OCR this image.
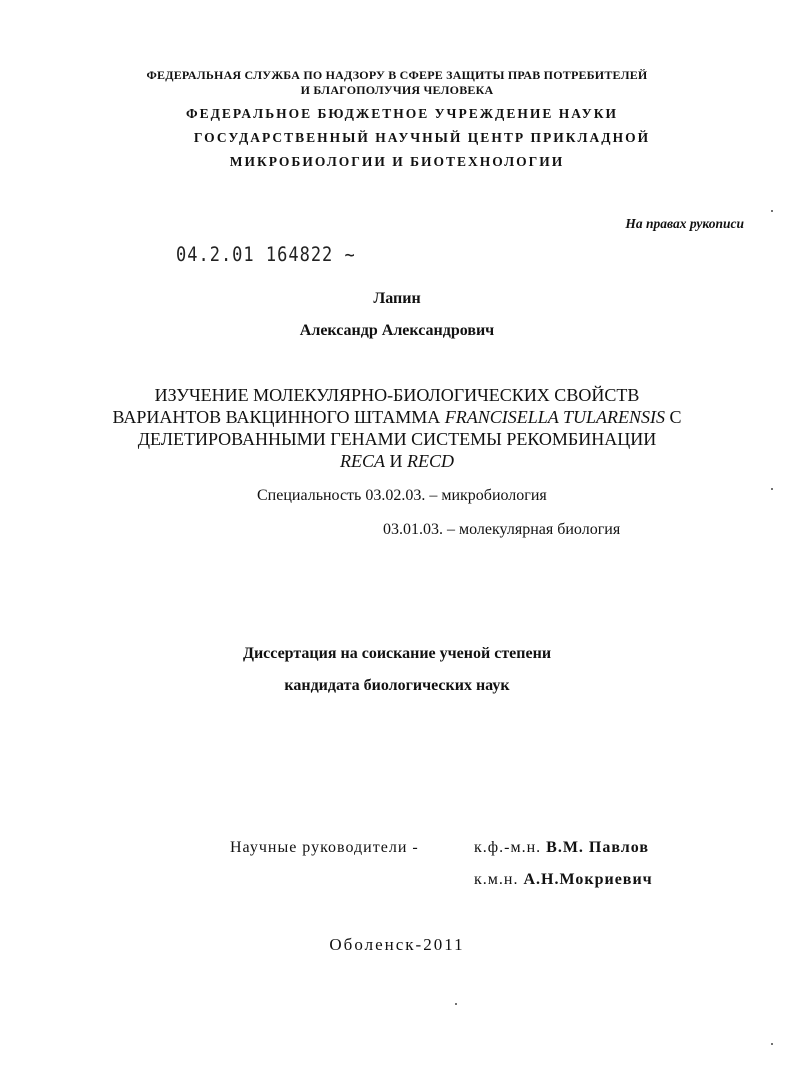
ФЕДЕРАЛЬНАЯ СЛУЖБА ПО НАДЗОРУ В СФЕРЕ ЗАЩИТЫ ПРАВ ПОТРЕБИТЕЛЕЙ
И БЛАГОПОЛУЧИЯ ЧЕЛОВЕКА
ФЕДЕРАЛЬНОЕ БЮДЖЕТНОЕ УЧРЕЖДЕНИЕ НАУКИ
ГОСУДАРСТВЕННЫЙ НАУЧНЫЙ ЦЕНТР ПРИКЛАДНОЙ
МИКРОБИОЛОГИИ И БИОТЕХНОЛОГИИ
На правах рукописи
04.2.01 164822 ~
Лапин
Александр Александрович
ИЗУЧЕНИЕ МОЛЕКУЛЯРНО-БИОЛОГИЧЕСКИХ СВОЙСТВ
ВАРИАНТОВ ВАКЦИННОГО ШТАММА FRANCISELLA TULARENSIS С
ДЕЛЕТИРОВАННЫМИ ГЕНАМИ СИСТЕМЫ РЕКОМБИНАЦИИ
RECA И RECD
Специальность 03.02.03. – микробиология
03.01.03. – молекулярная биология
Диссертация на соискание ученой степени
кандидата биологических наук
Научные руководители -	к.ф.-м.н. В.М. Павлов
к.м.н. А.Н.Мокриевич
Оболенск-2011
